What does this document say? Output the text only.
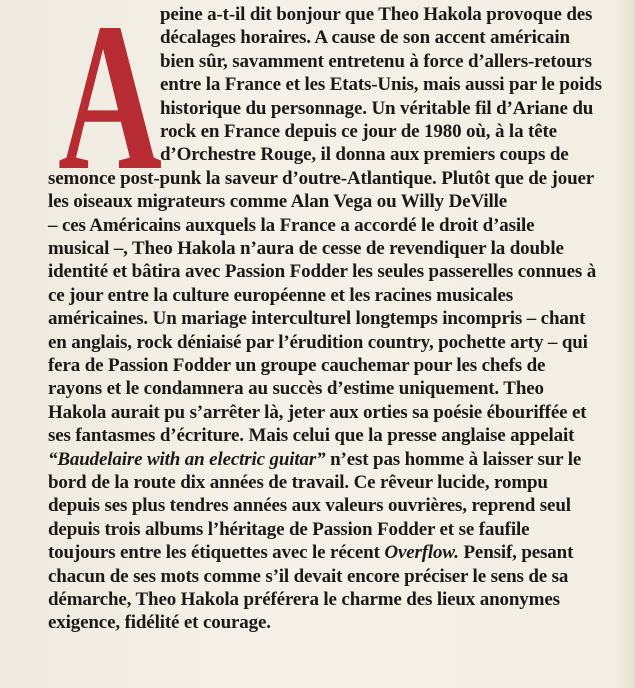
A
peine a-t-il dit bonjour que Theo Hakola provoque des
décalages horaires. A cause de son accent américain
bien sûr, savamment entretenu à force d’allers-retours
entre la France et les Etats-Unis, mais aussi par le poids
historique du personnage. Un véritable fil d’Ariane du
rock en France depuis ce jour de 1980 où, à la tête
d’Orchestre Rouge, il donna aux premiers coups de
semonce post-punk la saveur d’outre-Atlantique. Plutôt que de jouer
les oiseaux migrateurs comme Alan Vega ou Willy DeVille
– ces Américains auxquels la France a accordé le droit d’asile
musical –, Theo Hakola n’aura de cesse de revendiquer la double
identité et bâtira avec Passion Fodder les seules passerelles connues à
ce jour entre la culture européenne et les racines musicales
américaines. Un mariage interculturel longtemps incompris – chant
en anglais, rock déniaisé par l’érudition country, pochette arty – qui
fera de Passion Fodder un groupe cauchemar pour les chefs de
rayons et le condamnera au succès d’estime uniquement. Theo
Hakola aurait pu s’arrêter là, jeter aux orties sa poésie ébouriffée et
ses fantasmes d’écriture. Mais celui que la presse anglaise appelait
“Baudelaire with an electric guitar” n’est pas homme à laisser sur le
bord de la route dix années de travail. Ce rêveur lucide, rompu
depuis ses plus tendres années aux valeurs ouvrières, reprend seul
depuis trois albums l’héritage de Passion Fodder et se faufile
toujours entre les étiquettes avec le récent Overflow. Pensif, pesant
chacun de ses mots comme s’il devait encore préciser le sens de sa
démarche, Theo Hakola préférera le charme des lieux anonymes
exigence, fidélité et courage.
